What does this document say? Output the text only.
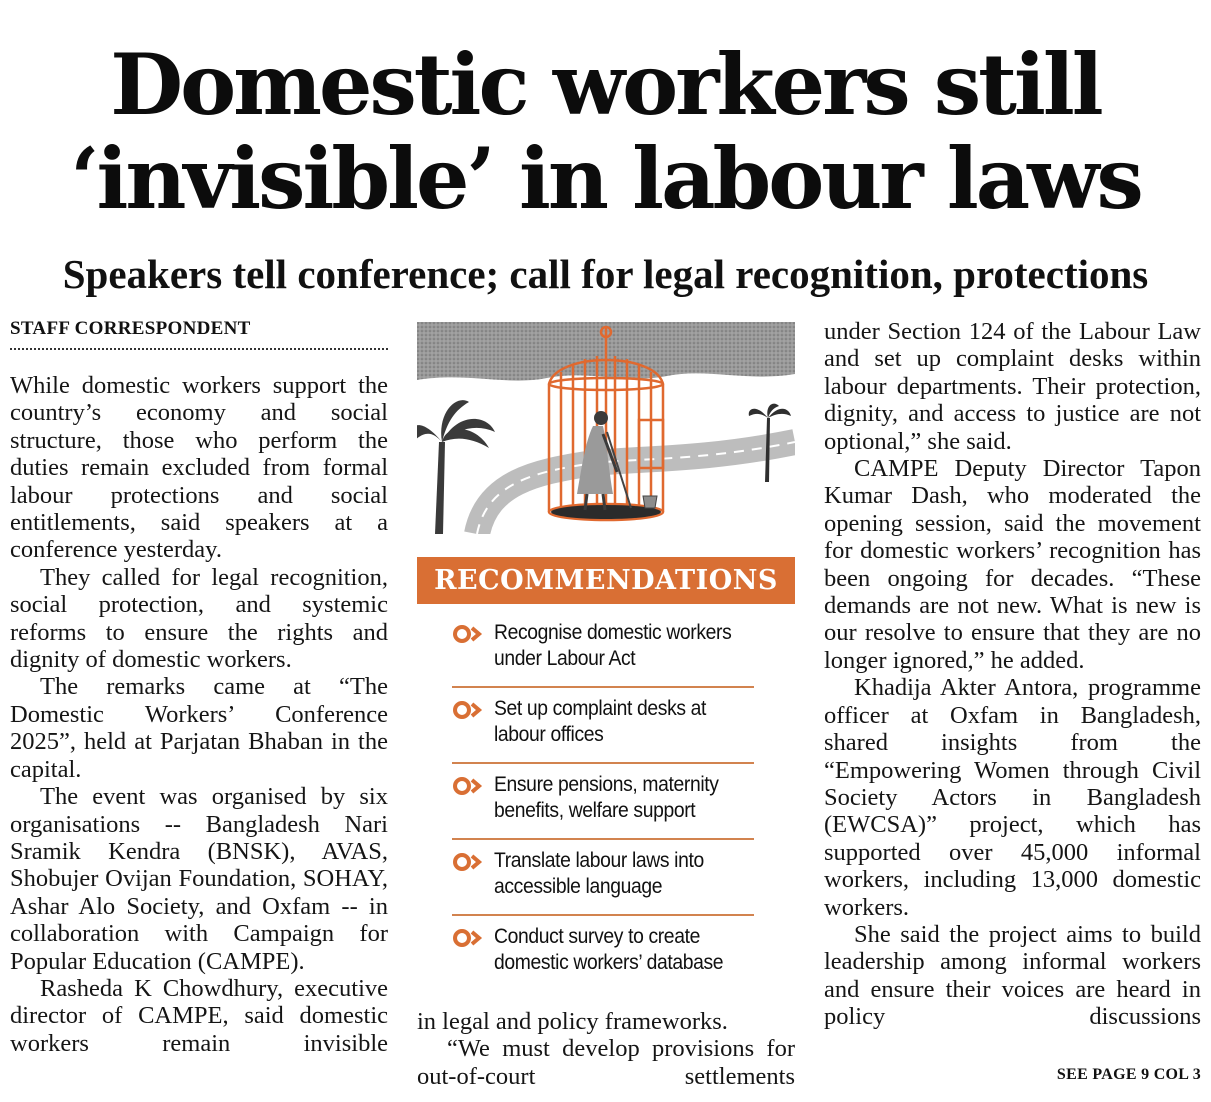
Domestic workers still
‘invisible’ in labour laws
Speakers tell conference; call for legal recognition, protections
STAFF CORRESPONDENT

While domestic workers support the country’s economy and social structure, those who perform the duties remain excluded from formal labour protections and social entitlements, said speakers at a conference yesterday.

They called for legal recognition, social protection, and systemic reforms to ensure the rights and dignity of domestic workers.

The remarks came at “The Domestic Workers’ Conference 2025”, held at Parjatan Bhaban in the capital.

The event was organised by six organisations -- Bangladesh Nari Sramik Kendra (BNSK), AVAS, Shobujer Ovijan Foundation, SOHAY, Ashar Alo Society, and Oxfam -- in collaboration with Campaign for Popular Education (CAMPE).

Rasheda K Chowdhury, executive director of CAMPE, said domestic workers remain invisible

RECOMMENDATIONS
Recognise domestic workers under Labour Act
Set up complaint desks at labour offices
Ensure pensions, maternity benefits, welfare support
Translate labour laws into accessible language
Conduct survey to create domestic workers’ database

in legal and policy frameworks.

“We must develop provisions for out-of-court settlements

under Section 124 of the Labour Law and set up complaint desks within labour departments. Their protection, dignity, and access to justice are not optional,” she said.

CAMPE Deputy Director Tapon Kumar Dash, who moderated the opening session, said the movement for domestic workers’ recognition has been ongoing for decades. “These demands are not new. What is new is our resolve to ensure that they are no longer ignored,” he added.

Khadija Akter Antora, programme officer at Oxfam in Bangladesh, shared insights from the “Empowering Women through Civil Society Actors in Bangladesh (EWCSA)” project, which has supported over 45,000 informal workers, including 13,000 domestic workers.

She said the project aims to build leadership among informal workers and ensure their voices are heard in policy discussions

SEE PAGE 9 COL 3
